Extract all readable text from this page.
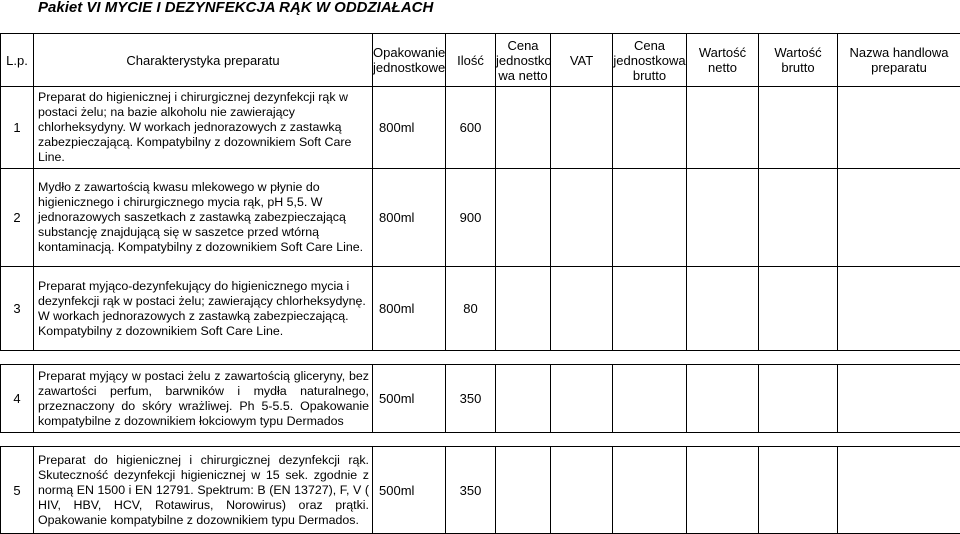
Pakiet VI MYCIE I DEZYNFEKCJA RĄK W ODDZIAŁACH
L.p.	Charakterystyka preparatu	Opakowanie jednostkowe	Ilość	Cena jednostko wa netto	VAT	Cena jednostkowa brutto	Wartość netto	Wartość brutto	Nazwa handlowa preparatu
1	Preparat do higienicznej i chirurgicznej dezynfekcji rąk w postaci żelu; na bazie alkoholu nie zawierający chlorheksydyny. W workach jednorazowych z zastawką zabezpieczającą. Kompatybilny z dozownikiem Soft Care Line.	800ml	600						
2	Mydło z zawartością kwasu mlekowego w płynie do higienicznego i chirurgicznego mycia rąk, pH 5,5. W jednorazowych saszetkach z zastawką zabezpieczającą substancję znajdującą się w saszetce przed wtórną kontaminacją. Kompatybilny z dozownikiem Soft Care Line.	800ml	900						
3	Preparat myjąco-dezynfekujący do higienicznego mycia i dezynfekcji rąk w postaci żelu; zawierający chlorheksydynę. W workach jednorazowych z zastawką zabezpieczającą. Kompatybilny z dozownikiem Soft Care Line.	800ml	80						

4	Preparat myjący w postaci żelu z zawartością gliceryny, bez zawartości perfum, barwników i mydła naturalnego, przeznaczony do skóry wrażliwej. Ph 5-5.5. Opakowanie kompatybilne z dozownikiem łokciowym typu Dermados	500ml	350						

5	Preparat do higienicznej i chirurgicznej dezynfekcji rąk. Skuteczność dezynfekcji higienicznej w 15 sek. zgodnie z normą EN 1500 i EN 12791. Spektrum: B (EN 13727), F, V ( HIV, HBV, HCV, Rotawirus, Norowirus) oraz prątki. Opakowanie kompatybilne z dozownikiem typu Dermados.	500ml	350						
